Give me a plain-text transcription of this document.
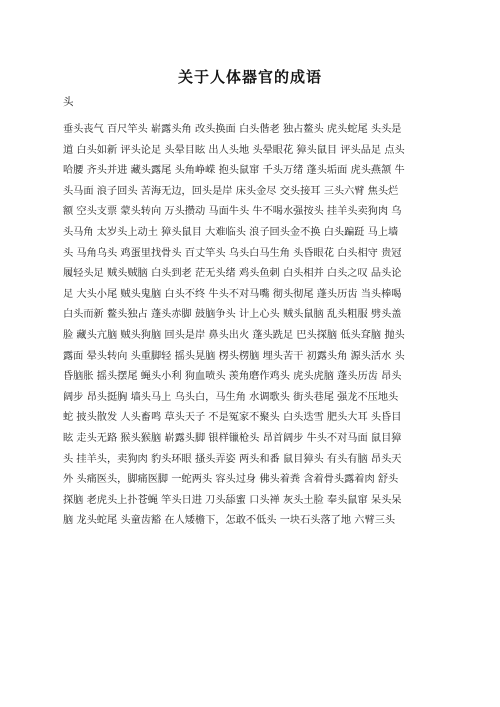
关于人体器官的成语
头
垂头丧气 百尺竿头 崭露头角 改头换面 白头偕老 独占鳌头 虎头蛇尾 头头是
道 白头如新 评头论足 头晕目眩 出人头地 头晕眼花 獐头鼠目 评头品足 点头
哈腰 齐头并进 藏头露尾 头角峥嵘 抱头鼠窜 千头万绪 蓬头垢面 虎头燕颔 牛
头马面 浪子回头 苦海无边，回头是岸 床头金尽 交头接耳 三头六臂 焦头烂
额 空头支票 蒙头转向 万头攒动 马面牛头 牛不喝水强按头 挂羊头卖狗肉 乌
头马角 太岁头上动土 獐头鼠目 大难临头 浪子回头金不换 白头蹁跹 马上墙
头 马角乌头 鸡蛋里找骨头 百丈竿头 乌头白马生角 头昏眼花 白头相守 贵冠
履轻头足 贼头贼脑 白头到老 茫无头绪 鸡头鱼刺 白头相并 白头之叹 品头论
足 大头小尾 贼头鬼脑 白头不终 牛头不对马嘴 彻头彻尾 蓬头历齿 当头棒喝
白头而新 鳌头独占 蓬头赤脚 鼓脑争头 计上心头 贼头鼠脑 乱头粗服 劈头盖
脸 藏头亢脑 贼头狗脑 回头是岸 鼻头出火 蓬头跣足 巴头探脑 低头耷脑 抛头
露面 晕头转向 头重脚轻 摇头晃脑 楞头楞脑 埋头苦干 初露头角 源头活水 头
昏脑胀 摇头摆尾 蝇头小利 狗血喷头 羡角磨作鸡头 虎头虎脑 蓬头历齿 昂头
阔步 昂头挺胸 墙头马上 乌头白，马生角 水调歌头 街头巷尾 强龙不压地头
蛇 披头散发 人头畜鸣 草头天子 不是冤家不聚头 白头迭雪 肥头大耳 头昏目
眩 走头无路 猴头猴脑 崭露头脚 银样镴枪头 昂首阔步 牛头不对马面 鼠目獐
头 挂羊头，卖狗肉 豹头环眼 搔头弄姿 两头和番 鼠目獐头 有头有脑 昂头天
外 头痛医头，脚痛医脚 一蛇两头 容头过身 佛头着粪 含着骨头露着肉 舒头
探脑 老虎头上扑苍蝇 竿头日进 刀头舔蜜 口头禅 灰头土脸 奉头鼠窜 呆头呆
脑 龙头蛇尾 头童齿豁 在人矮檐下，怎敢不低头 一块石头落了地 六臂三头
